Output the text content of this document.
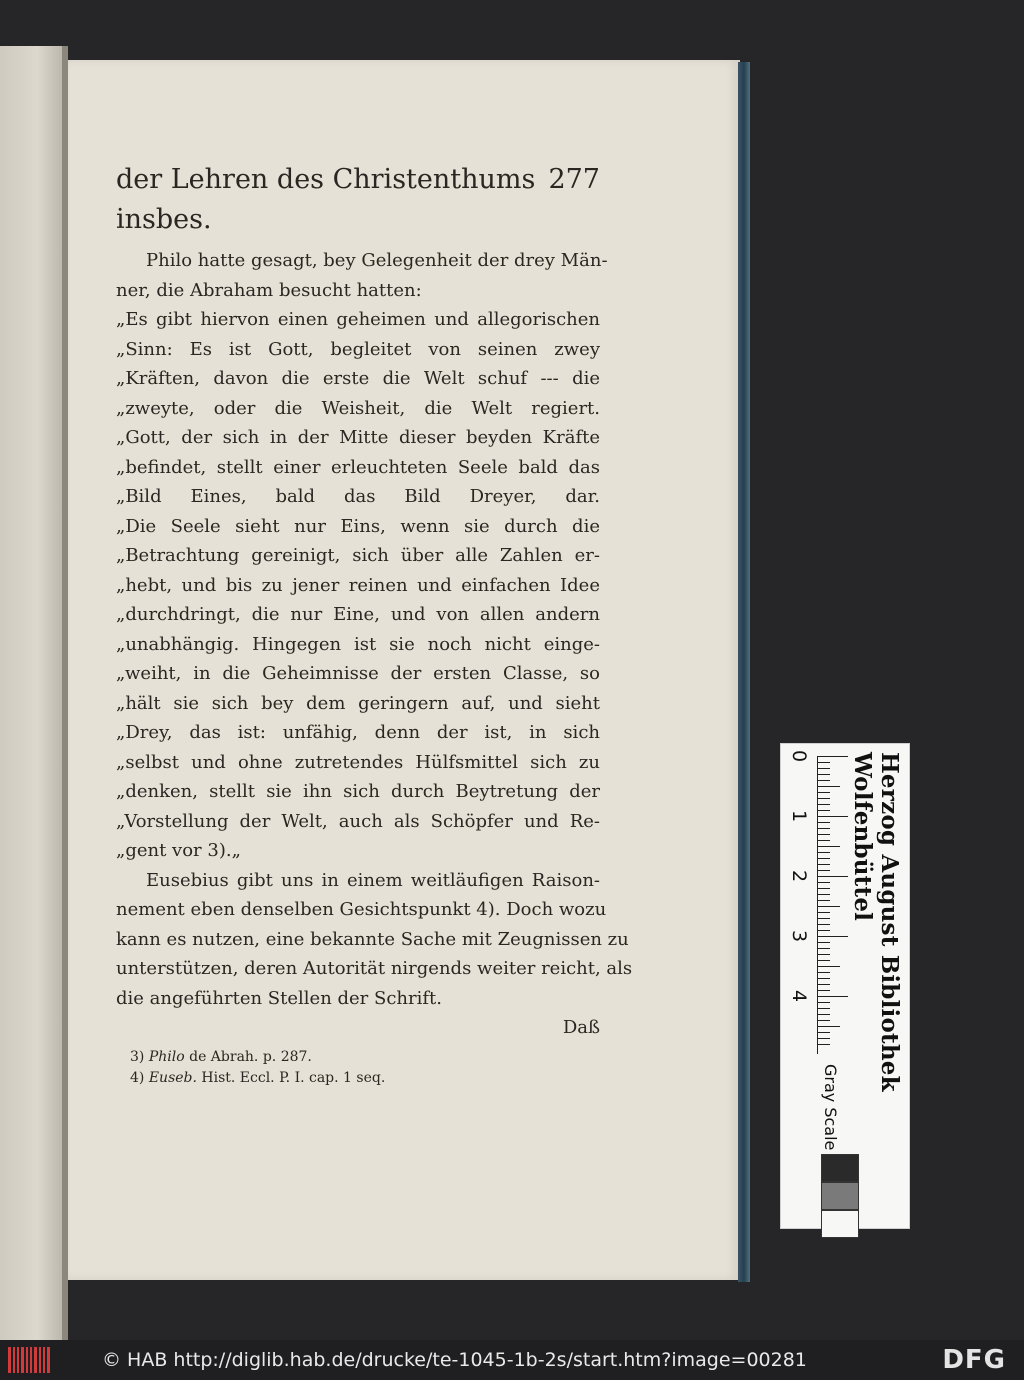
der Lehren des Christenthums insbes.
277
Philo hatte gesagt, bey Gelegenheit der drey Män-
ner, die Abraham besucht hatten:
„Es gibt hiervon einen geheimen und allegorischen
„Sinn: Es ist Gott, begleitet von seinen zwey
„Kräften, davon die erste die Welt schuf --- die
„zweyte, oder die Weisheit, die Welt regiert.
„Gott, der sich in der Mitte dieser beyden Kräfte
„befindet, stellt einer erleuchteten Seele bald das
„Bild Eines, bald das Bild Dreyer, dar.
„Die Seele sieht nur Eins, wenn sie durch die
„Betrachtung gereinigt, sich über alle Zahlen er-
„hebt, und bis zu jener reinen und einfachen Idee
„durchdringt, die nur Eine, und von allen andern
„unabhängig. Hingegen ist sie noch nicht einge-
„weiht, in die Geheimnisse der ersten Classe, so
„hält sie sich bey dem geringern auf, und sieht
„Drey, das ist: unfähig, denn der ist, in sich
„selbst und ohne zutretendes Hülfsmittel sich zu
„denken, stellt sie ihn sich durch Beytretung der
„Vorstellung der Welt, auch als Schöpfer und Re-
„gent vor 3).„
Eusebius gibt uns in einem weitläufigen Raison-
nement eben denselben Gesichtspunkt 4). Doch wozu
kann es nutzen, eine bekannte Sache mit Zeugnissen zu
unterstützen, deren Autorität nirgends weiter reicht, als
die angeführten Stellen der Schrift.
Daß
3) Philo de Abrah. p. 287.
4) Euseb. Hist. Eccl. P. I. cap. 1 seq.
0
1
2
3
4
Gray Scale
Herzog August Bibliothek Wolfenbüttel
© HAB http://diglib.hab.de/drucke/te-1045-1b-2s/start.htm?image=00281	DFG
